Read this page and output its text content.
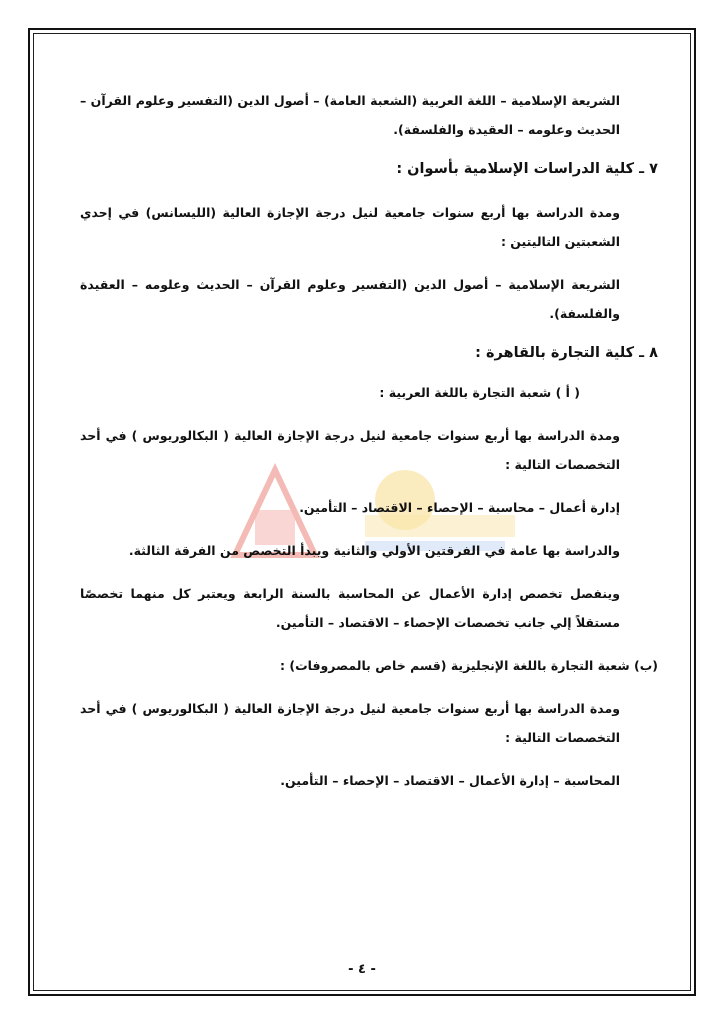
الشريعة الإسلامية – اللغة العربية (الشعبة العامة) – أصول الدين (التفسير وعلوم القرآن – الحديث وعلومه – العقيدة والفلسفة).

٧ ـ كلية الدراسات الإسلامية بأسوان :

ومدة الدراسة بها أربع سنوات جامعية لنيل درجة الإجازة العالية (الليسانس) في إحدي الشعبتين التاليتين :

الشريعة الإسلامية – أصول الدين (التفسير وعلوم القرآن – الحديث وعلومه – العقيدة والفلسفة).

٨ ـ كلية التجارة بالقاهرة :

( أ ) شعبة التجارة باللغة العربية :

ومدة الدراسة بها أربع سنوات جامعية لنيل درجة الإجازة العالية ( البكالوريوس ) في أحد التخصصات التالية :

إدارة أعمال – محاسبة – الإحصاء – الاقتصاد – التأمين.

والدراسة بها عامة في الفرقتين الأولي والثانية ويبدأ التخصص من الفرقة الثالثة.

وينفصل تخصص إدارة الأعمال عن المحاسبة بالسنة الرابعة ويعتبر كل منهما تخصصًا مستقلاً إلي جانب تخصصات الإحصاء – الاقتصاد – التأمين.

(ب) شعبة التجارة باللغة الإنجليزية (قسم خاص بالمصروفات) :

ومدة الدراسة بها أربع سنوات جامعية لنيل درجة الإجازة العالية ( البكالوريوس ) في أحد التخصصات التالية :

المحاسبة – إدارة الأعمال – الاقتصاد – الإحصاء – التأمين.

- ٤ -
